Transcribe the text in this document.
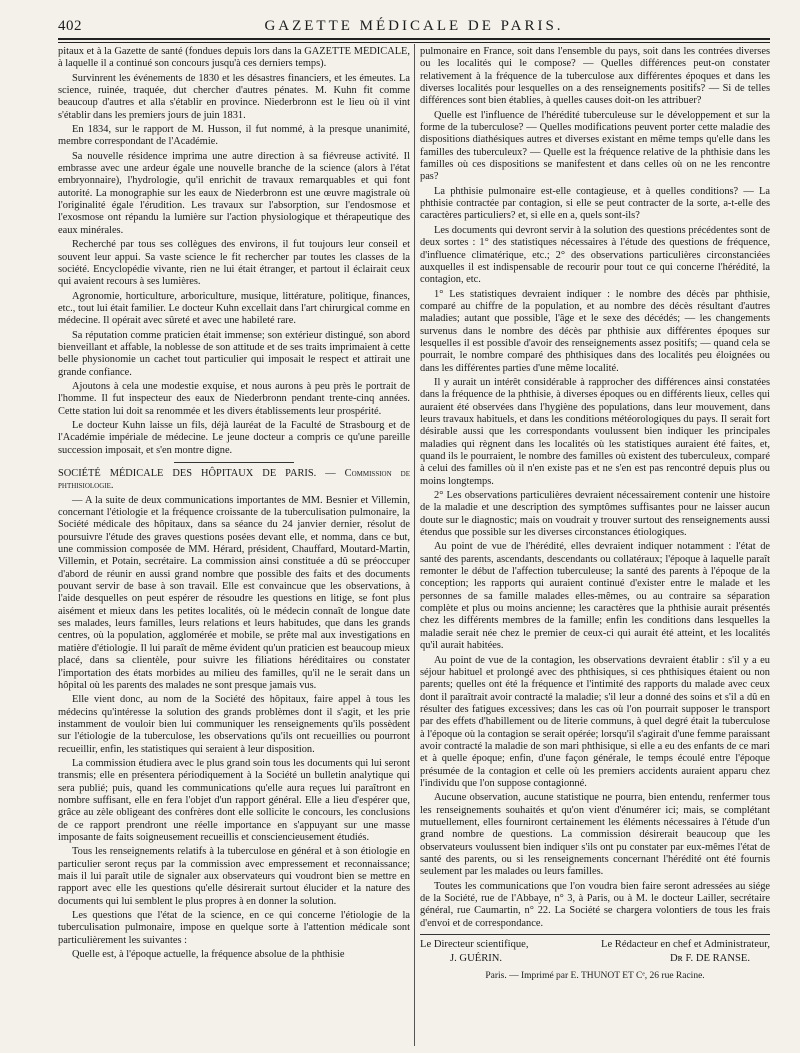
402	GAZETTE MÉDICALE DE PARIS.

pitaux et à la Gazette de santé (fondues depuis lors dans la GAZETTE MÉDICALE, à laquelle il a continué son concours jusqu'à ces derniers temps).

Survinrent les événements de 1830 et les désastres financiers, et les émeutes. La science, ruinée, traquée, dut chercher d'autres pénates. M. Kuhn fit comme beaucoup d'autres et alla s'établir en province. Niederbronn est le lieu où il vint s'établir dans les premiers jours de juin 1831.

En 1834, sur le rapport de M. Husson, il fut nommé, à la presque unanimité, membre correspondant de l'Académie.

Sa nouvelle résidence imprima une autre direction à sa fiévreuse activité. Il embrasse avec une ardeur égale une nouvelle branche de la science (alors à l'état embryonnaire), l'hydrologie, qu'il enrichit de travaux remarquables et qui font autorité. La monographie sur les eaux de Niederbronn est une œuvre magistrale où l'originalité égale l'érudition. Les travaux sur l'absorption, sur l'endosmose et l'exosmose ont répandu la lumière sur l'action physiologique et thérapeutique des eaux minérales.

Recherché par tous ses collègues des environs, il fut toujours leur conseil et souvent leur appui. Sa vaste science le fit rechercher par toutes les classes de la société. Encyclopédie vivante, rien ne lui était étranger, et partout il éclairait ceux qui avaient recours à ses lumières.

Agronomie, horticulture, arboriculture, musique, littérature, politique, finances, etc., tout lui était familier. Le docteur Kuhn excellait dans l'art chirurgical comme en médecine. Il opérait avec sûreté et avec une habileté rare.

Sa réputation comme praticien était immense; son extérieur distingué, son abord bienveillant et affable, la noblesse de son attitude et de ses traits imprimaient à cette belle physionomie un cachet tout particulier qui imposait le respect et attirait une grande confiance.

Ajoutons à cela une modestie exquise, et nous aurons à peu près le portrait de l'homme. Il fut inspecteur des eaux de Niederbronn pendant trente-cinq années. Cette station lui doit sa renommée et les divers établissements leur prospérité.

Le docteur Kuhn laisse un fils, déjà lauréat de la Faculté de Strasbourg et de l'Académie impériale de médecine. Le jeune docteur a compris ce qu'une pareille succession imposait, et s'en montre digne.

SOCIÉTÉ MÉDICALE DES HÔPITAUX DE PARIS. — Commission de phthisiologie.

— A la suite de deux communications importantes de MM. Besnier et Villemin, concernant l'étiologie et la fréquence croissante de la tuberculisation pulmonaire, la Société médicale des hôpitaux, dans sa séance du 24 janvier dernier, résolut de poursuivre l'étude des graves questions posées devant elle, et nomma, dans ce but, une commission composée de MM. Hérard, président, Chauffard, Moutard-Martin, Villemin, et Potain, secrétaire. La commission ainsi constituée a dû se préoccuper d'abord de réunir en aussi grand nombre que possible des faits et des documents pouvant servir de base à son travail. Elle est convaincue que les observations, à l'aide desquelles on peut espérer de résoudre les questions en litige, se font plus aisément et mieux dans les petites localités, où le médecin connaît de longue date ses malades, leurs familles, leurs relations et leurs habitudes, que dans les grands centres, où la population, agglomérée et mobile, se prête mal aux investigations en matière d'étiologie. Il lui paraît de même évident qu'un praticien est beaucoup mieux placé, dans sa clientèle, pour suivre les filiations héréditaires ou constater l'importation des états morbides au milieu des familles, qu'il ne le serait dans un hôpital où les parents des malades ne sont presque jamais vus.

Elle vient donc, au nom de la Société des hôpitaux, faire appel à tous les médecins qu'intéresse la solution des grands problèmes dont il s'agit, et les prie instamment de vouloir bien lui communiquer les renseignements qu'ils possèdent sur l'étiologie de la tuberculose, les observations qu'ils ont recueillies ou pourront recueillir, enfin, les statistiques qui seraient à leur disposition.

La commission étudiera avec le plus grand soin tous les documents qui lui seront transmis; elle en présentera périodiquement à la Société un bulletin analytique qui sera publié; puis, quand les communications qu'elle aura reçues lui paraîtront en nombre suffisant, elle en fera l'objet d'un rapport général. Elle a lieu d'espérer que, grâce au zèle obligeant des confrères dont elle sollicite le concours, les conclusions de ce rapport prendront une réelle importance en s'appuyant sur une masse imposante de faits soigneusement recueillis et consciencieusement étudiés.

Tous les renseignements relatifs à la tuberculose en général et à son étiologie en particulier seront reçus par la commission avec empressement et reconnaissance; mais il lui paraît utile de signaler aux observateurs qui voudront bien se mettre en rapport avec elle les questions qu'elle désirerait surtout élucider et la nature des documents qui lui semblent le plus propres à en donner la solution.

Les questions que l'état de la science, en ce qui concerne l'étiologie de la tuberculisation pulmonaire, impose en quelque sorte à l'attention médicale sont particulièrement les suivantes :

Quelle est, à l'époque actuelle, la fréquence absolue de la phthisie

pulmonaire en France, soit dans l'ensemble du pays, soit dans les contrées diverses ou les localités qui le compose? — Quelles différences peut-on constater relativement à la fréquence de la tuberculose aux différentes époques et dans les diverses localités pour lesquelles on a des renseignements positifs? — Si de telles différences sont bien établies, à quelles causes doit-on les attribuer?

Quelle est l'influence de l'hérédité tuberculeuse sur le développement et sur la forme de la tuberculose? — Quelles modifications peuvent porter cette maladie des dispositions diathésiques autres et diverses existant en même temps qu'elle dans les familles des tuberculeux? — Quelle est la fréquence relative de la phthisie dans les familles où ces dispositions se manifestent et dans celles où on ne les rencontre pas?

La phthisie pulmonaire est-elle contagieuse, et à quelles conditions? — La phthisie contractée par contagion, si elle se peut contracter de la sorte, a-t-elle des caractères particuliers? et, si elle en a, quels sont-ils?

Les documents qui devront servir à la solution des questions précédentes sont de deux sortes : 1° des statistiques nécessaires à l'étude des questions de fréquence, d'influence climatérique, etc.; 2° des observations particulières circonstanciées auxquelles il est indispensable de recourir pour tout ce qui concerne l'hérédité, la contagion, etc.

1° Les statistiques devraient indiquer : le nombre des décès par phthisie, comparé au chiffre de la population, et au nombre des décès résultant d'autres maladies; autant que possible, l'âge et le sexe des décédés; — les changements survenus dans le nombre des décès par phthisie aux différentes époques sur lesquelles il est possible d'avoir des renseignements assez positifs; — quand cela se pourrait, le nombre comparé des phthisiques dans des localités peu éloignées ou dans les différentes parties d'une même localité.

Il y aurait un intérêt considérable à rapprocher des différences ainsi constatées dans la fréquence de la phthisie, à diverses époques ou en différents lieux, celles qui auraient été observées dans l'hygiène des populations, dans leur mouvement, dans leurs travaux habituels, et dans les conditions météorologiques du pays. Il serait fort désirable aussi que les correspondants voulussent bien indiquer les principales maladies qui règnent dans les localités où les statistiques auraient été faites, et, quand ils le pourraient, le nombre des familles où existent des tuberculeux, comparé à celui des familles où il n'en existe pas et ne s'en est pas rencontré depuis plus ou moins longtemps.

2° Les observations particulières devraient nécessairement contenir une histoire de la maladie et une description des symptômes suffisantes pour ne laisser aucun doute sur le diagnostic; mais on voudrait y trouver surtout des renseignements aussi étendus que possible sur les diverses circonstances étiologiques.

Au point de vue de l'hérédité, elles devraient indiquer notamment : l'état de santé des parents, ascendants, descendants ou collatéraux; l'époque à laquelle paraît remonter le début de l'affection tuberculeuse; la santé des parents à l'époque de la conception; les rapports qui auraient continué d'exister entre le malade et les personnes de sa famille malades elles-mêmes, ou au contraire sa séparation complète et plus ou moins ancienne; les caractères que la phthisie aurait présentés chez les différents membres de la famille; enfin les conditions dans lesquelles la maladie serait née chez le premier de ceux-ci qui aurait été atteint, et les localités qu'il aurait habitées.

Au point de vue de la contagion, les observations devraient établir : s'il y a eu séjour habituel et prolongé avec des phthisiques, si ces phthisiques étaient ou non parents; quelles ont été la fréquence et l'intimité des rapports du malade avec ceux dont il paraîtrait avoir contracté la maladie; s'il leur a donné des soins et s'il a dû en résulter des fatigues excessives; dans les cas où l'on pourrait supposer le transport par des effets d'habillement ou de literie communs, à quel degré était la tuberculose à l'époque où la contagion se serait opérée; lorsqu'il s'agirait d'une femme paraissant avoir contracté la maladie de son mari phthisique, si elle a eu des enfants de ce mari et à quelle époque; enfin, d'une façon générale, le temps écoulé entre l'époque présumée de la contagion et celle où les premiers accidents auraient apparu chez l'individu que l'on suppose contagionné.

Aucune observation, aucune statistique ne pourra, bien entendu, renfermer tous les renseignements souhaités et qu'on vient d'énumérer ici; mais, se complétant mutuellement, elles fourniront certainement les éléments nécessaires à l'étude d'un grand nombre de questions. La commission désirerait beaucoup que les observateurs voulussent bien indiquer s'ils ont pu constater par eux-mêmes l'état de santé des parents, ou si les renseignements concernant l'hérédité ont été fournis seulement par les malades ou leurs familles.

Toutes les communications que l'on voudra bien faire seront adressées au siége de la Société, rue de l'Abbaye, n° 3, à Paris, ou à M. le docteur Lailler, secrétaire général, rue Caumartin, n° 22. La Société se chargera volontiers de tous les frais d'envoi et de correspondance.

Le Directeur scientifique,	Le Rédacteur en chef et Administrateur,
J. GUÉRIN.	Dʀ F. DE RANSE.
Paris. — Imprimé par E. THUNOT ET Cᵉ, 26 rue Racine.
